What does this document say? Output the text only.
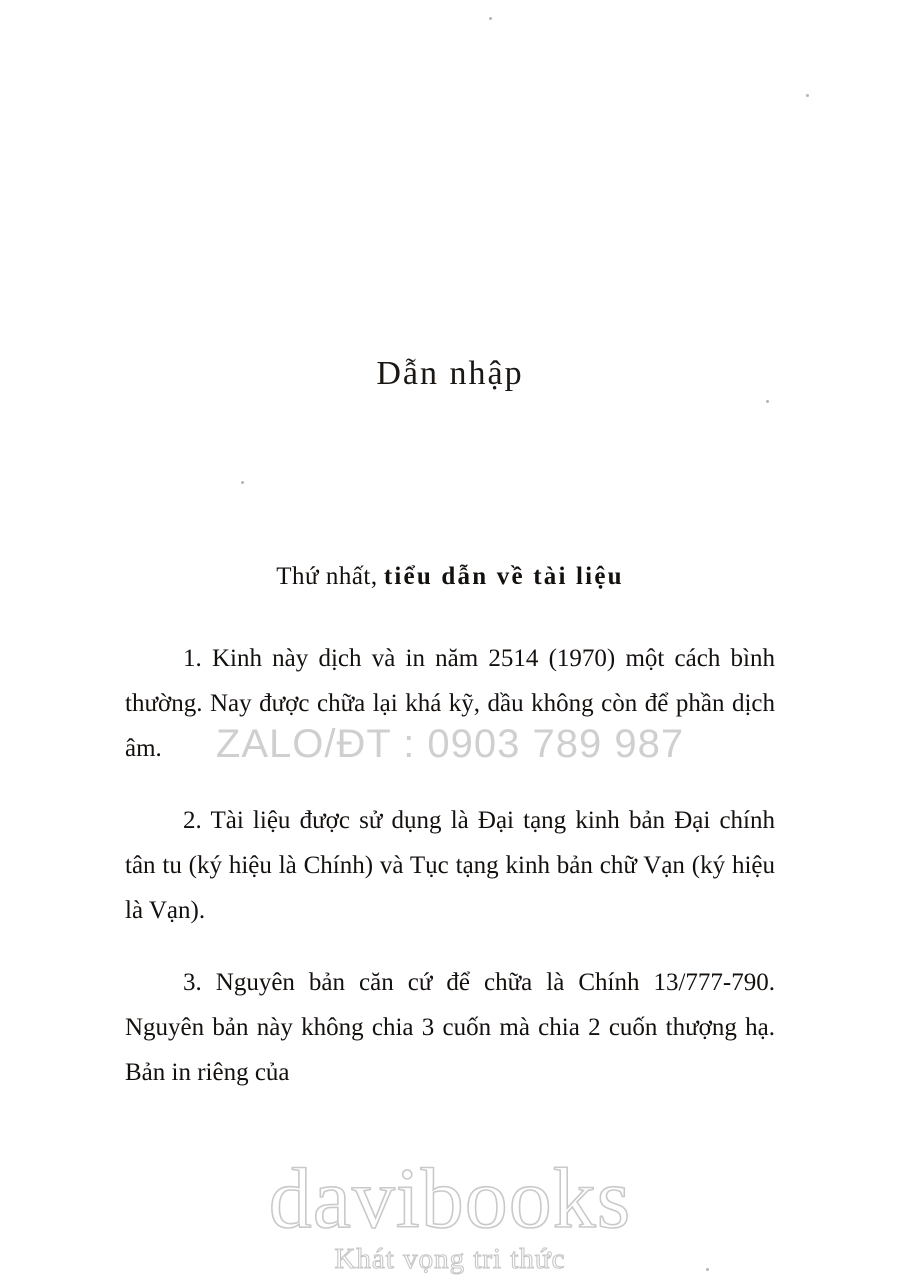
Dẫn nhập
Thứ nhất, tiểu dẫn về tài liệu

1. Kinh này dịch và in năm 2514 (1970) một cách bình thường. Nay được chữa lại khá kỹ, dầu không còn để phần dịch âm.

2. Tài liệu được sử dụng là Đại tạng kinh bản Đại chính tân tu (ký hiệu là Chính) và Tục tạng kinh bản chữ Vạn (ký hiệu là Vạn).

3. Nguyên bản căn cứ để chữa là Chính 13/777-790. Nguyên bản này không chia 3 cuốn mà chia 2 cuốn thượng hạ. Bản in riêng của

ZALO/ĐT : 0903 789 987
davibooks
Khát vọng tri thức
